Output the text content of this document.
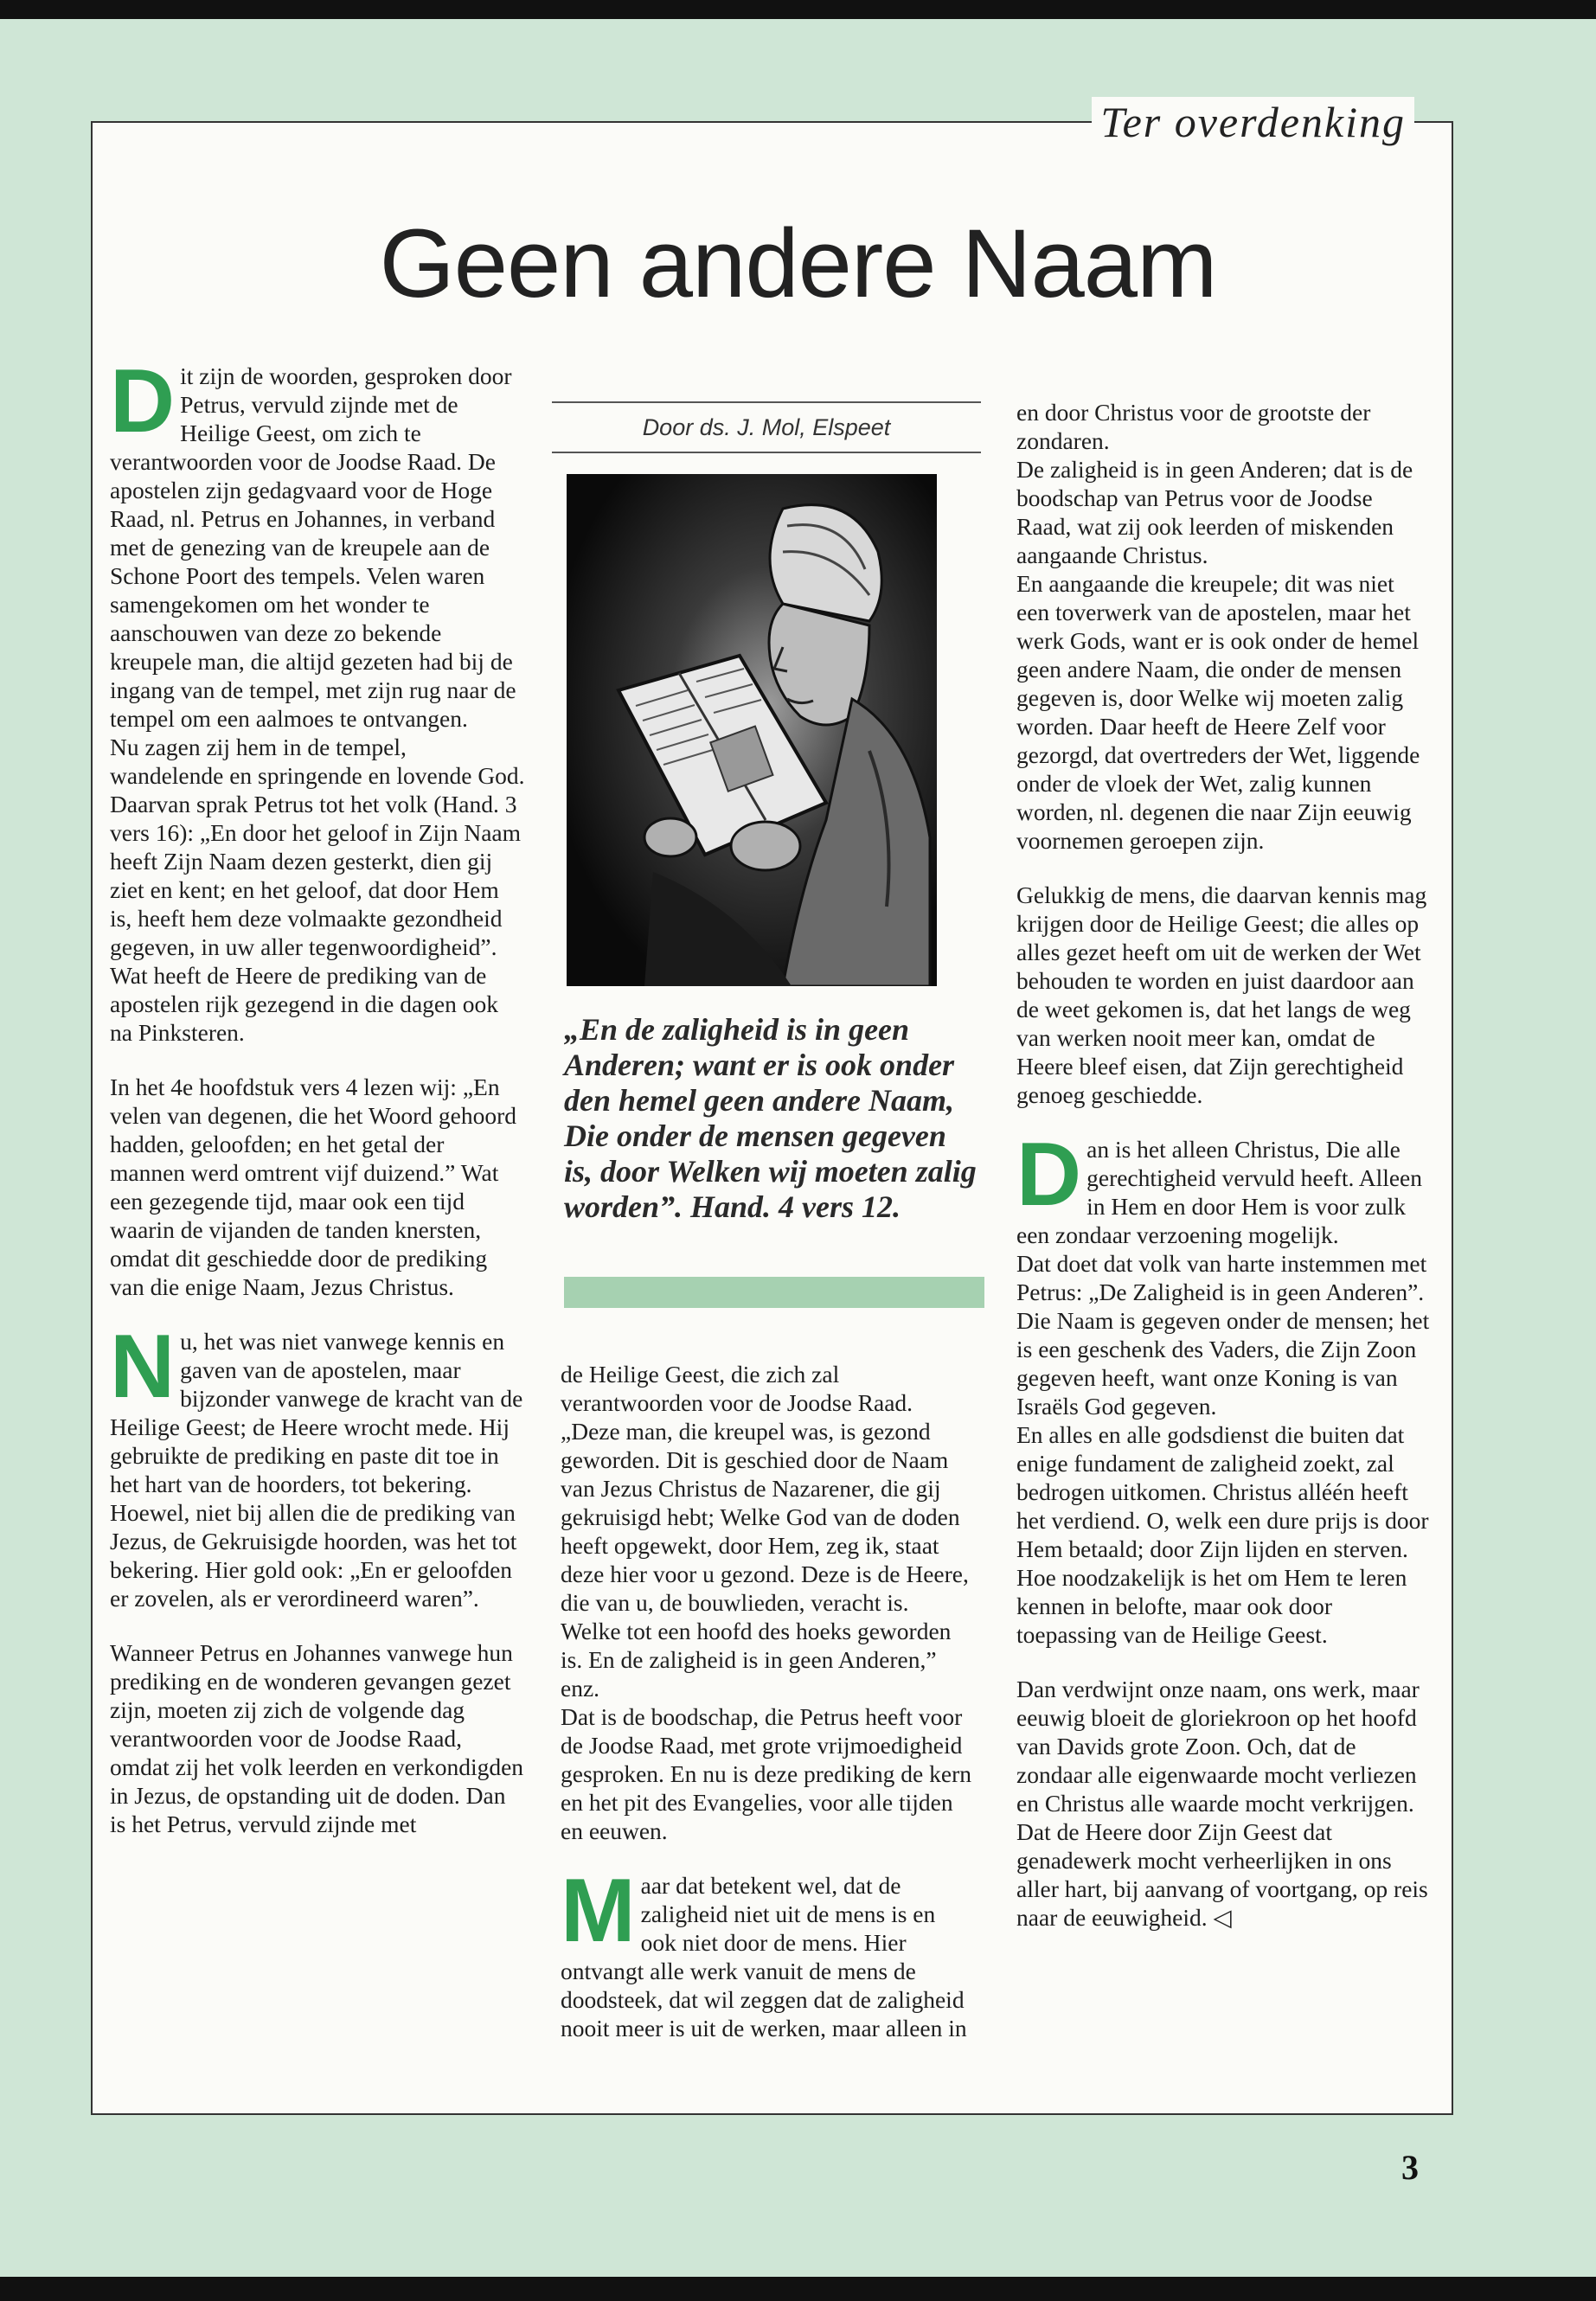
Ter overdenking
Geen andere Naam

Dit zijn de woorden, gesproken door Petrus, vervuld zijnde met de Heilige Geest, om zich te verantwoorden voor de Joodse Raad. De apostelen zijn gedagvaard voor de Hoge Raad, nl. Petrus en Johannes, in verband met de genezing van de kreupele aan de Schone Poort des tempels. Velen waren samengekomen om het wonder te aanschouwen van deze zo bekende kreupele man, die altijd gezeten had bij de ingang van de tempel, met zijn rug naar de tempel om een aalmoes te ontvangen.

Nu zagen zij hem in de tempel, wandelende en springende en lovende God.

Daarvan sprak Petrus tot het volk (Hand. 3 vers 16): „En door het geloof in Zijn Naam heeft Zijn Naam dezen gesterkt, dien gij ziet en kent; en het geloof, dat door Hem is, heeft hem deze volmaakte gezondheid gegeven, in uw aller tegenwoordigheid”. Wat heeft de Heere de prediking van de apostelen rijk gezegend in die dagen ook na Pinksteren.

In het 4e hoofdstuk vers 4 lezen wij: „En velen van degenen, die het Woord gehoord hadden, geloofden; en het getal der mannen werd omtrent vijf duizend.” Wat een gezegende tijd, maar ook een tijd waarin de vijanden de tanden knersten, omdat dit geschiedde door de prediking van die enige Naam, Jezus Christus.

Nu, het was niet vanwege kennis en gaven van de apostelen, maar bijzonder vanwege de kracht van de Heilige Geest; de Heere wrocht mede. Hij gebruikte de prediking en paste dit toe in het hart van de hoorders, tot bekering. Hoewel, niet bij allen die de prediking van Jezus, de Gekruisigde hoorden, was het tot bekering. Hier gold ook: „En er geloofden er zovelen, als er verordineerd waren”.

Wanneer Petrus en Johannes vanwege hun prediking en de wonderen gevangen gezet zijn, moeten zij zich de volgende dag verantwoorden voor de Joodse Raad, omdat zij het volk leerden en verkondigden in Jezus, de opstanding uit de doden. Dan is het Petrus, vervuld zijnde met

Door ds. J. Mol, Elspeet
„En de zaligheid is in geen Anderen; want er is ook onder den hemel geen andere Naam, Die onder de mensen gegeven is, door Welken wij moeten zalig worden”. Hand. 4 vers 12.

de Heilige Geest, die zich zal verantwoorden voor de Joodse Raad. „Deze man, die kreupel was, is gezond geworden. Dit is geschied door de Naam van Jezus Christus de Nazarener, die gij gekruisigd hebt; Welke God van de doden heeft opgewekt, door Hem, zeg ik, staat deze hier voor u gezond. Deze is de Heere, die van u, de bouwlieden, veracht is. Welke tot een hoofd des hoeks geworden is. En de zaligheid is in geen Anderen,” enz.

Dat is de boodschap, die Petrus heeft voor de Joodse Raad, met grote vrijmoedigheid gesproken. En nu is deze prediking de kern en het pit des Evangelies, voor alle tijden en eeuwen.

Maar dat betekent wel, dat de zaligheid niet uit de mens is en ook niet door de mens. Hier ontvangt alle werk vanuit de mens de doodsteek, dat wil zeggen dat de zaligheid nooit meer is uit de werken, maar alleen in

en door Christus voor de grootste der zondaren.

De zaligheid is in geen Anderen; dat is de boodschap van Petrus voor de Joodse Raad, wat zij ook leerden of miskenden aangaande Christus.

En aangaande die kreupele; dit was niet een toverwerk van de apostelen, maar het werk Gods, want er is ook onder de hemel geen andere Naam, die onder de mensen gegeven is, door Welke wij moeten zalig worden. Daar heeft de Heere Zelf voor gezorgd, dat overtreders der Wet, liggende onder de vloek der Wet, zalig kunnen worden, nl. degenen die naar Zijn eeuwig voornemen geroepen zijn.

Gelukkig de mens, die daarvan kennis mag krijgen door de Heilige Geest; die alles op alles gezet heeft om uit de werken der Wet behouden te worden en juist daardoor aan de weet gekomen is, dat het langs de weg van werken nooit meer kan, omdat de Heere bleef eisen, dat Zijn gerechtigheid genoeg geschiedde.

Dan is het alleen Christus, Die alle gerechtigheid vervuld heeft. Alleen in Hem en door Hem is voor zulk een zondaar verzoening mogelijk.

Dat doet dat volk van harte instemmen met Petrus: „De Zaligheid is in geen Anderen”. Die Naam is gegeven onder de mensen; het is een geschenk des Vaders, die Zijn Zoon gegeven heeft, want onze Koning is van Israëls God gegeven.

En alles en alle godsdienst die buiten dat enige fundament de zaligheid zoekt, zal bedrogen uitkomen. Christus alléén heeft het verdiend. O, welk een dure prijs is door Hem betaald; door Zijn lijden en sterven. Hoe noodzakelijk is het om Hem te leren kennen in belofte, maar ook door toepassing van de Heilige Geest.

Dan verdwijnt onze naam, ons werk, maar eeuwig bloeit de gloriekroon op het hoofd van Davids grote Zoon. Och, dat de zondaar alle eigenwaarde mocht verliezen en Christus alle waarde mocht verkrijgen.

Dat de Heere door Zijn Geest dat genadewerk mocht verheerlijken in ons aller hart, bij aanvang of voortgang, op reis naar de eeuwigheid. ◁

3
